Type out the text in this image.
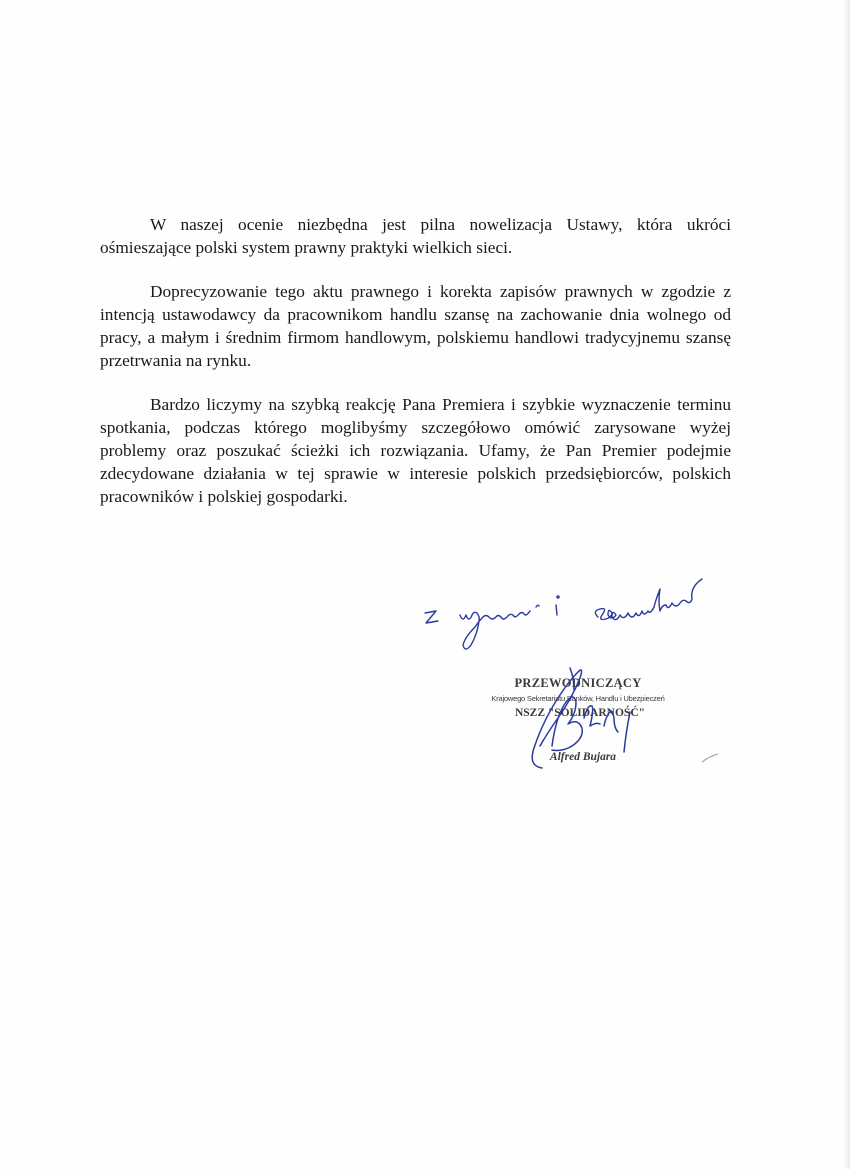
W naszej ocenie niezbędna jest pilna nowelizacja Ustawy, która ukróci ośmieszające polski system prawny praktyki wielkich sieci.

Doprecyzowanie tego aktu prawnego i korekta zapisów prawnych w zgodzie z intencją ustawodawcy da pracownikom handlu szansę na zachowanie dnia wolnego od pracy, a małym i średnim firmom handlowym, polskiemu handlowi tradycyjnemu szansę przetrwania na rynku.

Bardzo liczymy na szybką reakcję Pana Premiera i szybkie wyznaczenie terminu spotkania, podczas którego moglibyśmy szczegółowo omówić zarysowane wyżej problemy oraz poszukać ścieżki ich rozwiązania. Ufamy, że Pan Premier podejmie zdecydowane działania w tej sprawie w interesie polskich przedsiębiorców, polskich pracowników i polskiej gospodarki.

PRZEWODNICZĄCY
Krajowego Sekretariatu Banków, Handlu i Ubezpieczeń
NSZZ "SOLIDARNOŚĆ"
Alfred Bujara
